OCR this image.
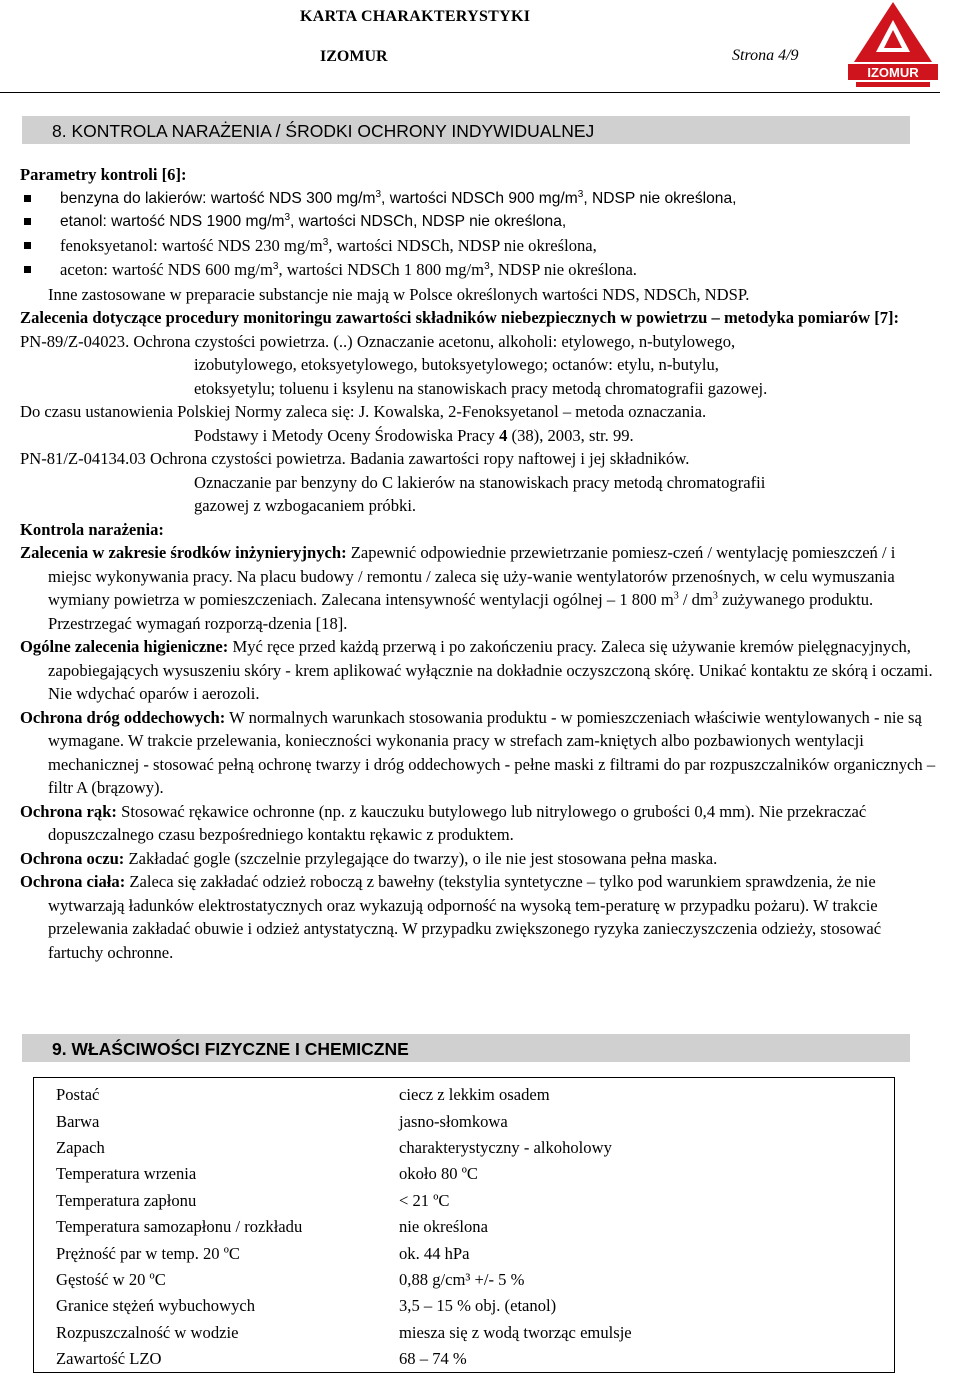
KARTA CHARAKTERYSTYKI
IZOMUR	Strona 4/9
IZOMUR
8. KONTROLA NARAŻENIA / ŚRODKI OCHRONY INDYWIDUALNEJ

Parametry kontroli [6]:

benzyna do lakierów: wartość NDS 300 $mg/m^3$, wartości NDSCh 900 $mg/m^3$, NDSP nie określona,

etanol: wartość NDS 1900 $mg/m^3$, wartości NDSCh, NDSP nie określona,

fenoksyetanol: wartość NDS 230 $mg/m^3$, wartości NDSCh, NDSP nie określona,

aceton: wartość NDS 600 $mg/m^3$, wartości NDSCh 1 800 $mg/m^3$, NDSP nie określona.

Inne zastosowane w preparacie substancje nie mają w Polsce określonych wartości NDS, NDSCh, NDSP.

Zalecenia dotyczące procedury monitoringu zawartości składników niebezpiecznych w powietrzu – metodyka pomiarów [7]:

PN-89/Z-04023. Ochrona czystości powietrza. (..) Oznaczanie acetonu, alkoholi: etylowego, n-butylowego,

izobutylowego, etoksyetylowego, butoksyetylowego; octanów: etylu, n-butylu,

etoksyetylu; toluenu i ksylenu na stanowiskach pracy metodą chromatografii gazowej.

Do czasu ustanowienia Polskiej Normy zaleca się: J. Kowalska, 2-Fenoksyetanol – metoda oznaczania.

Podstawy i Metody Oceny Środowiska Pracy 4 (38), 2003, str. 99.

PN-81/Z-04134.03 Ochrona czystości powietrza. Badania zawartości ropy naftowej i jej składników.

Oznaczanie par benzyny do C lakierów na stanowiskach pracy metodą chromatografii

gazowej z wzbogacaniem próbki.

Kontrola narażenia:

Zalecenia w zakresie środków inżynieryjnych: Zapewnić odpowiednie przewietrzanie pomiesz-czeń / wentylację pomieszczeń / i miejsc wykonywania pracy. Na placu budowy / remontu / zaleca się uży-wanie wentylatorów przenośnych, w celu wymuszania wymiany powietrza w pomieszczeniach. Zalecana intensywność wentylacji ogólnej – 1 800 $m^3 / dm^3$ zużywanego produktu. Przestrzegać wymagań rozporzą-dzenia [18].

Ogólne zalecenia higieniczne: Myć ręce przed każdą przerwą i po zakończeniu pracy. Zaleca się używanie kremów pielęgnacyjnych, zapobiegających wysuszeniu skóry - krem aplikować wyłącznie na dokładnie oczyszczoną skórę. Unikać kontaktu ze skórą i oczami. Nie wdychać oparów i aerozoli.

Ochrona dróg oddechowych: W normalnych warunkach stosowania produktu - w pomieszczeniach właściwie wentylowanych - nie są wymagane. W trakcie przelewania, konieczności wykonania pracy w strefach zam-kniętych albo pozbawionych wentylacji mechanicznej - stosować pełną ochronę twarzy i dróg oddechowych - pełne maski z filtrami do par rozpuszczalników organicznych – filtr A (brązowy).

Ochrona rąk: Stosować rękawice ochronne (np. z kauczuku butylowego lub nitrylowego o grubości 0,4 mm). Nie przekraczać dopuszczalnego czasu bezpośredniego kontaktu rękawic z produktem.

Ochrona oczu: Zakładać gogle (szczelnie przylegające do twarzy), o ile nie jest stosowana pełna maska.

Ochrona ciała: Zaleca się zakładać odzież roboczą z bawełny (tekstylia syntetyczne – tylko pod warunkiem sprawdzenia, że nie wytwarzają ładunków elektrostatycznych oraz wykazują odporność na wysoką tem-peraturę w przypadku pożaru). W trakcie przelewania zakładać obuwie i odzież antystatyczną. W przypadku zwiększonego ryzyka zanieczyszczenia odzieży, stosować fartuchy ochronne.

9. WŁAŚCIWOŚCI FIZYCZNE I CHEMICZNE
Postać	ciecz z lekkim osadem
Barwa	jasno-słomkowa
Zapach	charakterystyczny - alkoholowy
Temperatura wrzenia	około 80 ºC
Temperatura zapłonu	< 21 ºC
Temperatura samozapłonu / rozkładu	nie określona
Prężność par w temp. 20 ºC	ok. 44 hPa
Gęstość w 20 ºC	0,88 g/cm³ +/- 5 %
Granice stężeń wybuchowych	3,5 – 15 % obj. (etanol)
Rozpuszczalność w wodzie	miesza się z wodą tworząc emulsje
Zawartość LZO	68 – 74 %
